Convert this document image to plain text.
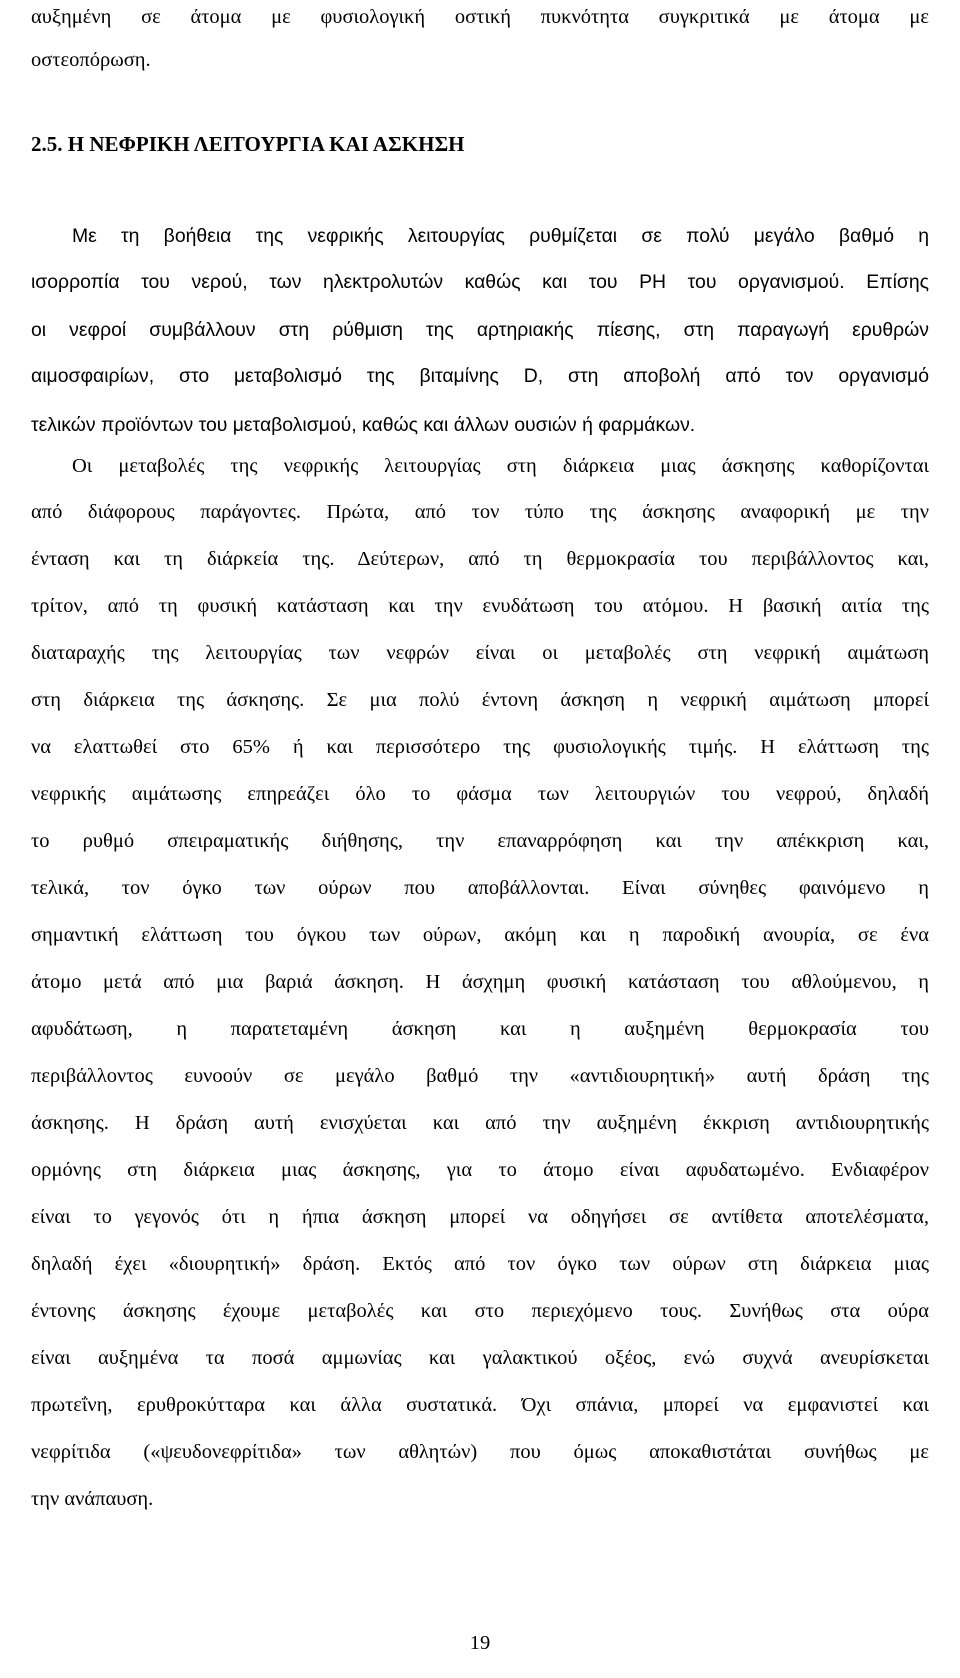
αυξημένη σε άτομα με φυσιολογική οστική πυκνότητα συγκριτικά με άτομα με
οστεοπόρωση.
2.5. Η ΝΕΦΡΙΚΗ ΛΕΙΤΟΥΡΓΙΑ ΚΑΙ ΑΣΚΗΣΗ
Με τη βοήθεια της νεφρικής λειτουργίας ρυθμίζεται σε πολύ μεγάλο βαθμό η
ισορροπία του νερού, των ηλεκτρολυτών καθώς και του PH του οργανισμού. Επίσης
οι νεφροί συμβάλλουν στη ρύθμιση της αρτηριακής πίεσης, στη παραγωγή ερυθρών
αιμοσφαιρίων, στο μεταβολισμό της βιταμίνης D, στη αποβολή από τον οργανισμό
τελικών προϊόντων του μεταβολισμού, καθώς και άλλων ουσιών ή φαρμάκων.
Οι μεταβολές της νεφρικής λειτουργίας στη διάρκεια μιας άσκησης καθορίζονται
από διάφορους παράγοντες. Πρώτα, από τον τύπο της άσκησης αναφορική με την
ένταση και τη διάρκεία της. Δεύτερων, από τη θερμοκρασία του περιβάλλοντος και,
τρίτον, από τη φυσική κατάσταση και την ενυδάτωση του ατόμου. Η βασική αιτία της
διαταραχής της λειτουργίας των νεφρών είναι οι μεταβολές στη νεφρική αιμάτωση
στη διάρκεια της άσκησης. Σε μια πολύ έντονη άσκηση η νεφρική αιμάτωση μπορεί
να ελαττωθεί στο 65% ή και περισσότερο της φυσιολογικής τιμής. Η ελάττωση της
νεφρικής αιμάτωσης επηρεάζει όλο το φάσμα των λειτουργιών του νεφρού, δηλαδή
το ρυθμό σπειραματικής διήθησης, την επαναρρόφηση και την απέκκριση και,
τελικά, τον όγκο των ούρων που αποβάλλονται. Είναι σύνηθες φαινόμενο η
σημαντική ελάττωση του όγκου των ούρων, ακόμη και η παροδική ανουρία, σε ένα
άτομο μετά από μια βαριά άσκηση. Η άσχημη φυσική κατάσταση του αθλούμενου, η
αφυδάτωση, η παρατεταμένη άσκηση και η αυξημένη θερμοκρασία του
περιβάλλοντος ευνοούν σε μεγάλο βαθμό την «αντιδιουρητική» αυτή δράση της
άσκησης. Η δράση αυτή ενισχύεται και από την αυξημένη έκκριση αντιδιουρητικής
ορμόνης στη διάρκεια μιας άσκησης, για το άτομο είναι αφυδατωμένο. Ενδιαφέρον
είναι το γεγονός ότι η ήπια άσκηση μπορεί να οδηγήσει σε αντίθετα αποτελέσματα,
δηλαδή έχει «διουρητική» δράση. Εκτός από τον όγκο των ούρων στη διάρκεια μιας
έντονης άσκησης έχουμε μεταβολές και στο περιεχόμενο τους. Συνήθως στα ούρα
είναι αυξημένα τα ποσά αμμωνίας και γαλακτικού οξέος, ενώ συχνά ανευρίσκεται
πρωτεΐνη, ερυθροκύτταρα και άλλα συστατικά. Όχι σπάνια, μπορεί να εμφανιστεί και
νεφρίτιδα («ψευδονεφρίτιδα» των αθλητών) που όμως αποκαθιστάται συνήθως με
την ανάπαυση.
19
